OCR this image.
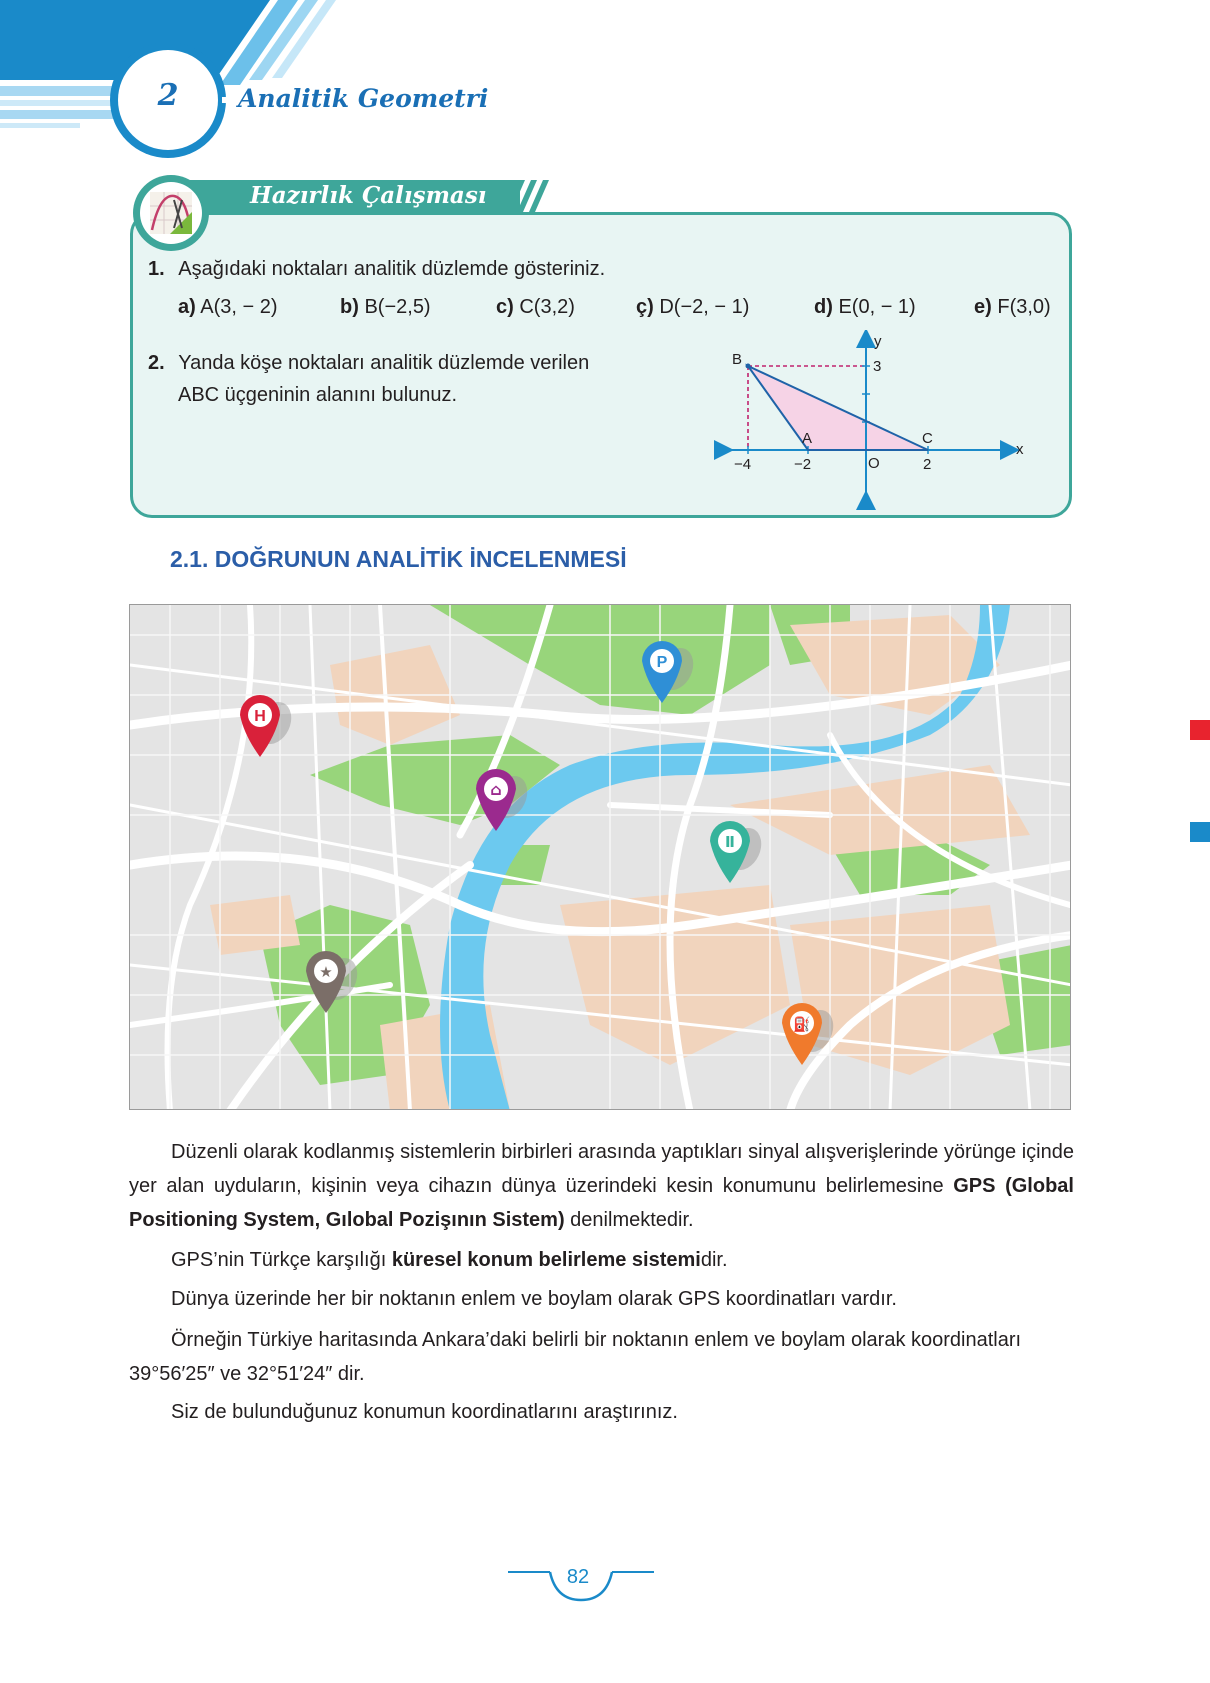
2	Analitik Geometri
Hazırlık Çalışması
1. Aşağıdaki noktaları analitik düzlemde gösteriniz.
a) A(3, − 2)	b) B(−2,5)	c) C(3,2)	ç) D(−2, − 1)	d) E(0, − 1)	e) F(3,0)
2. Yanda köşe noktaları analitik düzlemde verilen
ABC üçgeninin alanını bulunuz.
B
A	C
O
−4	−2	2
3
x
y
2.1. DOĞRUNUN ANALİTİK İNCELENMESİ
H
P
⌂
Ⅱ
★
⛽
Düzenli olarak kodlanmış sistemlerin birbirleri arasında yaptıkları sinyal alışverişlerinde yörünge içinde yer alan uyduların, kişinin veya cihazın dünya üzerindeki kesin konumunu belirlemesine GPS (Global Positioning System, Gılobal Pozişının Sistem) denilmektedir.
GPS’nin Türkçe karşılığı küresel konum belirleme sistemidir.
Dünya üzerinde her bir noktanın enlem ve boylam olarak GPS koordinatları vardır.
Örneğin Türkiye haritasında Ankara’daki belirli bir noktanın enlem ve boylam olarak koordinatları
39°56′25″ ve 32°51′24″ dir.
Siz de bulunduğunuz konumun koordinatlarını araştırınız.
82
